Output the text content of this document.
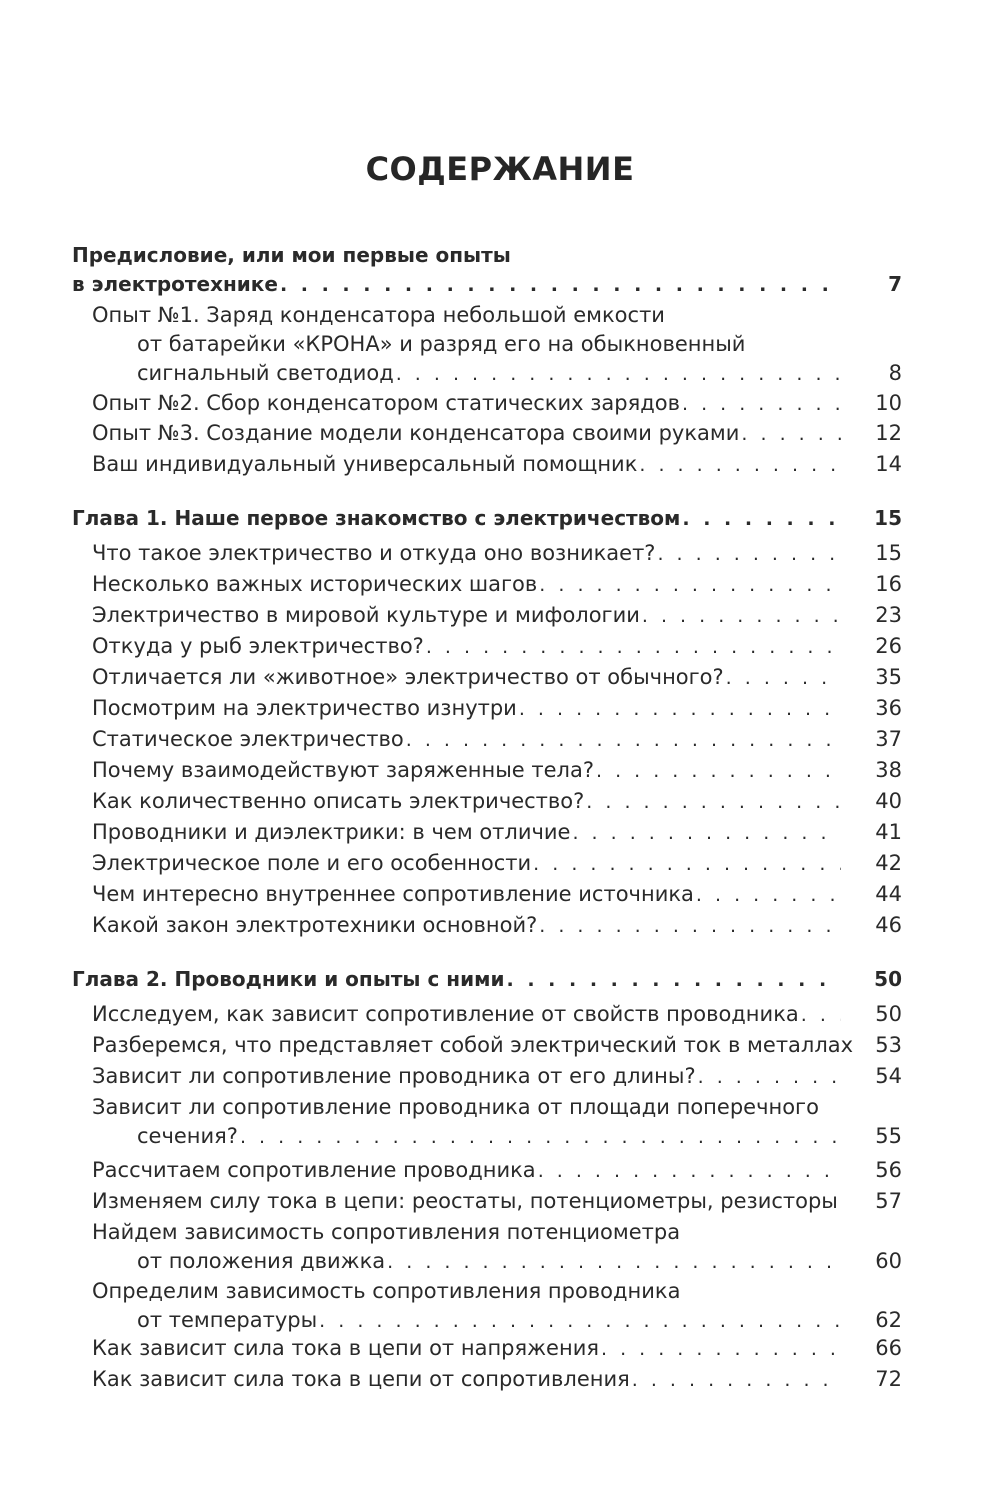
СОДЕРЖАНИЕ
Предисловие, или мои первые опыты
в электротехнике . . .	7
Опыт №1. Заряд конденсатора небольшой емкости
от батарейки «КРОНА» и разряд его на обыкновенный
сигнальный светодиод . . .	8
Опыт №2. Сбор конденсатором статических зарядов . . .	10
Опыт №3. Создание модели конденсатора своими руками . . .	12
Ваш индивидуальный универсальный помощник . . .	14
Глава 1. Наше первое знакомство с электричеством . . .	15
Что такое электричество и откуда оно возникает? . . .	15
Несколько важных исторических шагов . . .	16
Электричество в мировой культуре и мифологии . . .	23
Откуда у рыб электричество? . . .	26
Отличается ли «животное» электричество от обычного? . . .	35
Посмотрим на электричество изнутри . . .	36
Статическое электричество . . .	37
Почему взаимодействуют заряженные тела? . . .	38
Как количественно описать электричество? . . .	40
Проводники и диэлектрики: в чем отличие . . .	41
Электрическое поле и его особенности . . .	42
Чем интересно внутреннее сопротивление источника . . .	44
Какой закон электротехники основной? . . .	46
Глава 2. Проводники и опыты с ними . . .	50
Исследуем, как зависит сопротивление от свойств проводника . . .	50
Разберемся, что представляет собой электрический ток в металлах	53
Зависит ли сопротивление проводника от его длины? . . .	54
Зависит ли сопротивление проводника от площади поперечного
сечения? . . .	55
Рассчитаем сопротивление проводника . . .	56
Изменяем силу тока в цепи: реостаты, потенциометры, резисторы . . .	57
Найдем зависимость сопротивления потенциометра
от положения движка . . .	60
Определим зависимость сопротивления проводника
от температуры . . .	62
Как зависит сила тока в цепи от напряжения . . .	66
Как зависит сила тока в цепи от сопротивления . . .	72
